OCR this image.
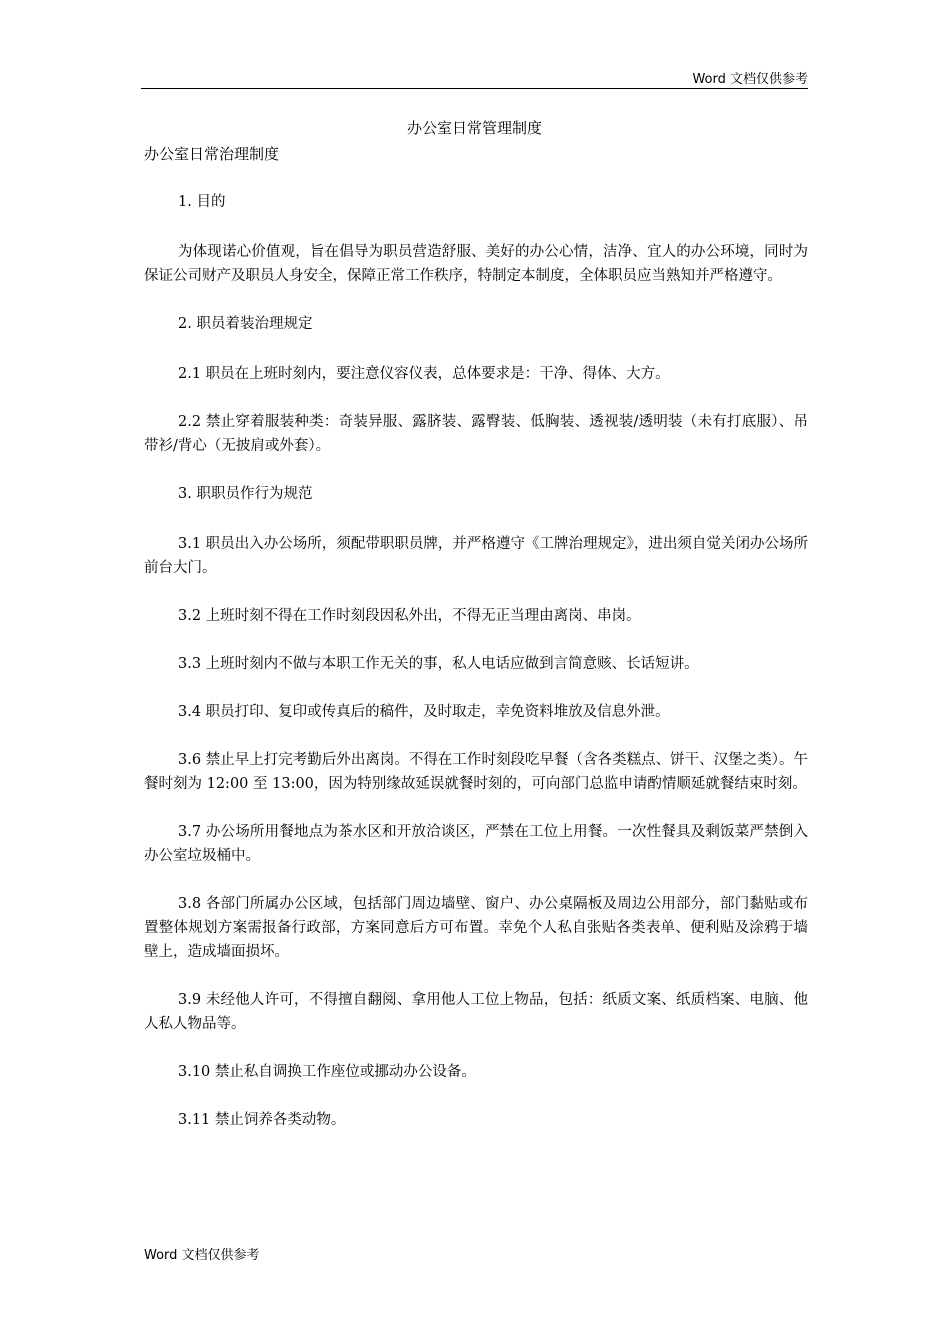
Word 文档仅供参考
办公室日常管理制度
办公室日常治理制度

1. 目的

为体现诺心价值观，旨在倡导为职员营造舒服、美好的办公心情，洁净、宜人的办公环境，同时为保证公司财产及职员人身安全，保障正常工作秩序，特制定本制度，全体职员应当熟知并严格遵守。

2. 职员着装治理规定

2.1 职员在上班时刻内，要注意仪容仪表，总体要求是：干净、得体、大方。

2.2 禁止穿着服装种类：奇装异服、露脐装、露臀装、低胸装、透视装/透明装（未有打底服）、吊带衫/背心（无披肩或外套）。

3. 职职员作行为规范

3.1 职员出入办公场所，须配带职职员牌，并严格遵守《工牌治理规定》，进出须自觉关闭办公场所前台大门。

3.2 上班时刻不得在工作时刻段因私外出，不得无正当理由离岗、串岗。

3.3 上班时刻内不做与本职工作无关的事，私人电话应做到言简意赅、长话短讲。

3.4 职员打印、复印或传真后的稿件，及时取走，幸免资料堆放及信息外泄。

3.6 禁止早上打完考勤后外出离岗。不得在工作时刻段吃早餐（含各类糕点、饼干、汉堡之类）。午餐时刻为 12:00 至 13:00，因为特别缘故延误就餐时刻的，可向部门总监申请酌情顺延就餐结束时刻。

3.7 办公场所用餐地点为茶水区和开放洽谈区，严禁在工位上用餐。一次性餐具及剩饭菜严禁倒入办公室垃圾桶中。

3.8 各部门所属办公区域，包括部门周边墙壁、窗户、办公桌隔板及周边公用部分，部门黏贴或布置整体规划方案需报备行政部，方案同意后方可布置。幸免个人私自张贴各类表单、便利贴及涂鸦于墙壁上，造成墙面损坏。

3.9 未经他人许可，不得擅自翻阅、拿用他人工位上物品，包括：纸质文案、纸质档案、电脑、他人私人物品等。

3.10 禁止私自调换工作座位或挪动办公设备。

3.11 禁止饲养各类动物。

Word 文档仅供参考
